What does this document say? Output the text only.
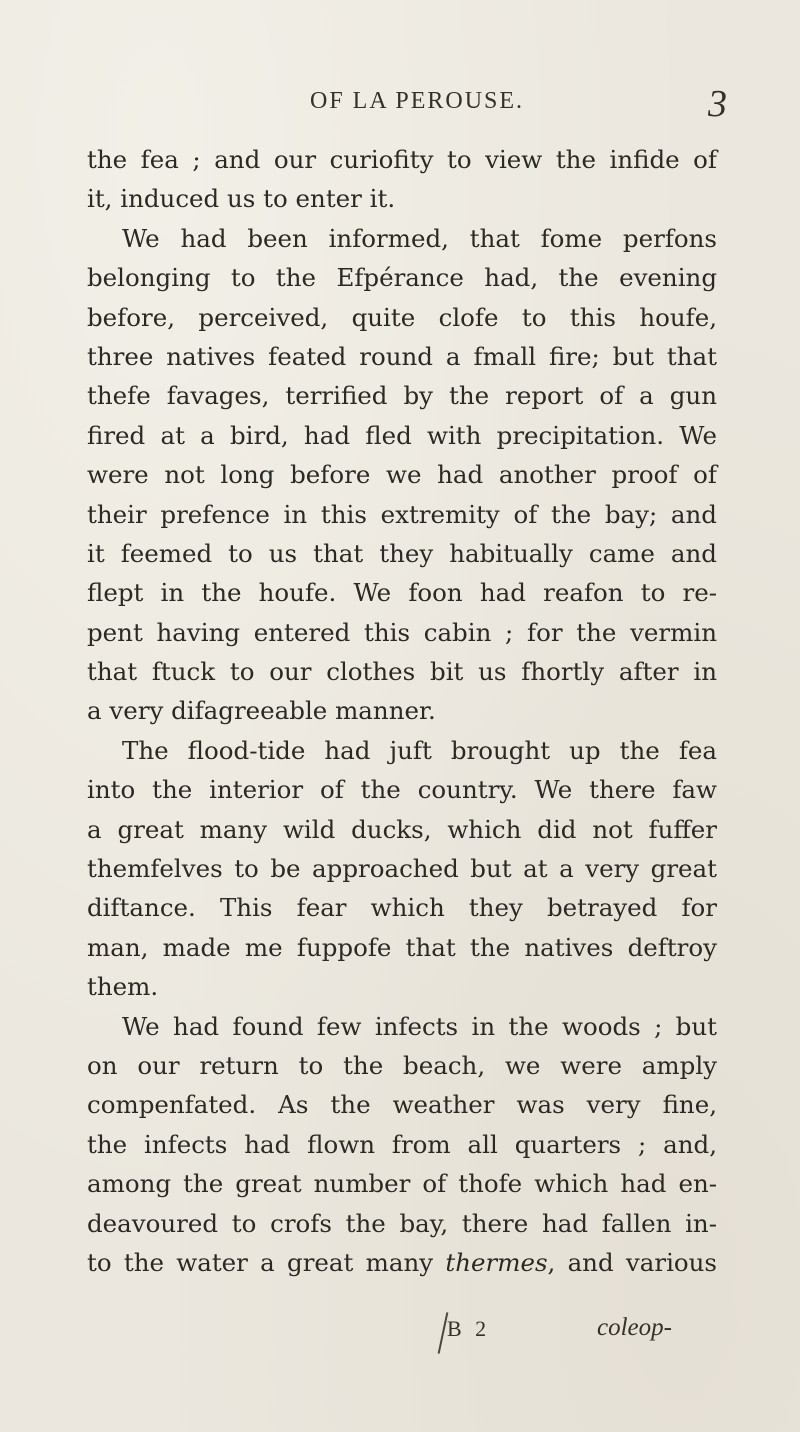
OF LA PEROUSE.	3
the fea ; and our curiofity to view the infide of
it, induced us to enter it.
We had been informed, that fome perfons
belonging to the Efpérance had, the evening
before, perceived, quite clofe to this houfe,
three natives feated round a fmall fire; but that
thefe favages, terrified by the report of a gun
fired at a bird, had fled with precipitation. We
were not long before we had another proof of
their prefence in this extremity of the bay; and
it feemed to us that they habitually came and
flept in the houfe. We foon had reafon to re-
pent having entered this cabin ; for the vermin
that ftuck to our clothes bit us fhortly after in
a very difagreeable manner.
The flood-tide had juft brought up the fea
into the interior of the country. We there faw
a great many wild ducks, which did not fuffer
themfelves to be approached but at a very great
diftance. This fear which they betrayed for
man, made me fuppofe that the natives deftroy
them.
We had found few infects in the woods ; but
on our return to the beach, we were amply
compenfated. As the weather was very fine,
the infects had flown from all quarters ; and,
among the great number of thofe which had en-
deavoured to crofs the bay, there had fallen in-
to the water a great many thermes, and various
B 2	coleop-
